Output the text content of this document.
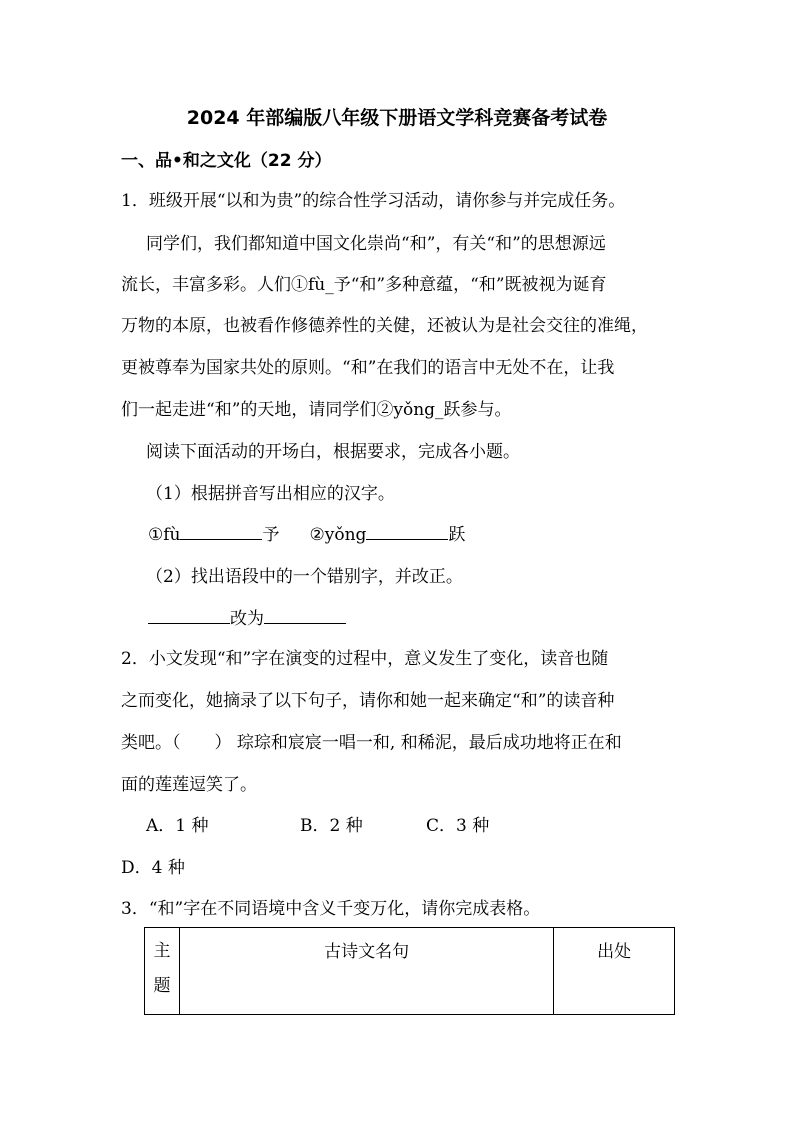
2024 年部编版八年级下册语文学科竞赛备考试卷
一、品•和之文化（22 分）
1．班级开展“以和为贵”的综合性学习活动，请你参与并完成任务。
同学们，我们都知道中国文化崇尚“和”，有关“和”的思想源远
流长，丰富多彩。人们①fù_予“和”多种意蕴，“和”既被视为诞育
万物的本原，也被看作修德养性的关健，还被认为是社会交往的准绳，
更被尊奉为国家共处的原则。“和”在我们的语言中无处不在，让我
们一起走进“和”的天地，请同学们②yǒng_跃参与。
阅读下面活动的开场白，根据要求，完成各小题。
（1）根据拼音写出相应的汉字。
①fù	予 ②yǒng	跃
（2）找出语段中的一个错别字，并改正。
改为
2．小文发现“和”字在演变的过程中，意义发生了变化，读音也随
之而变化，她摘录了以下句子，请你和她一起来确定“和”的读音种
类吧。（　　） 琮琮和宸宸一唱一和, 和稀泥，最后成功地将正在和
面的莲莲逗笑了。
A．1 种	B．2 种	C．3 种
D．4 种
3．“和”字在不同语境中含义千变万化，请你完成表格。
主
题
	古诗文名句	出处
